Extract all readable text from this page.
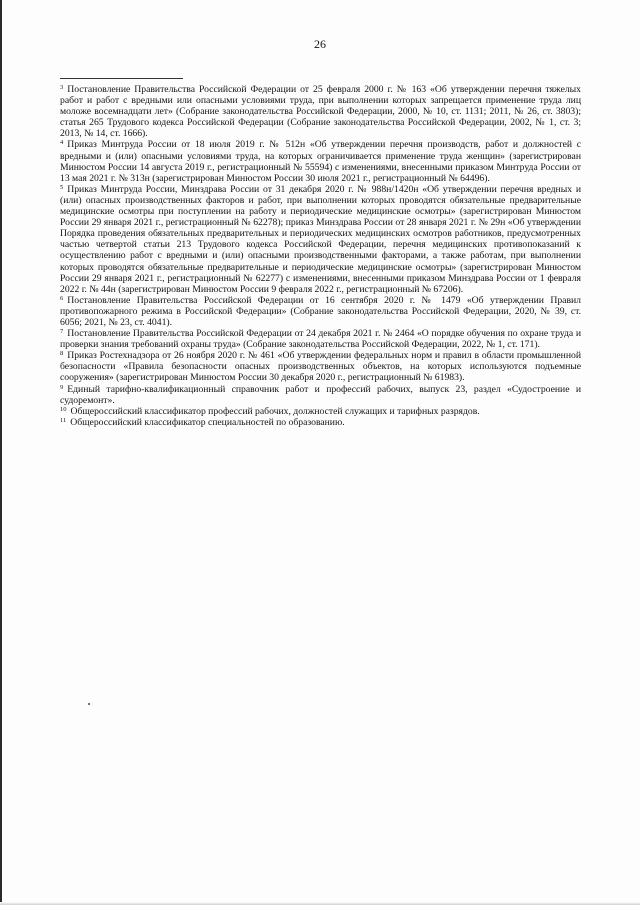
26

$^3$ Постановление Правительства Российской Федерации от 25 февраля 2000 г. № 163 «Об утверждении перечня тяжелых работ и работ с вредными или опасными условиями труда, при выполнении которых запрещается применение труда лиц моложе восемнадцати лет» (Собрание законодательства Российской Федерации, 2000, № 10, ст. 1131; 2011, № 26, ст. 3803); статья 265 Трудового кодекса Российской Федерации (Собрание законодательства Российской Федерации, 2002, № 1, ст. 3; 2013, № 14, ст. 1666).

$^4$ Приказ Минтруда России от 18 июля 2019 г. № 512н «Об утверждении перечня производств, работ и должностей с вредными и (или) опасными условиями труда, на которых ограничивается применение труда женщин» (зарегистрирован Минюстом России 14 августа 2019 г., регистрационный № 55594) с изменениями, внесенными приказом Минтруда России от 13 мая 2021 г. № 313н (зарегистрирован Минюстом России 30 июля 2021 г., регистрационный № 64496).

$^5$ Приказ Минтруда России, Минздрава России от 31 декабря 2020 г. № 988н/1420н «Об утверждении перечня вредных и (или) опасных производственных факторов и работ, при выполнении которых проводятся обязательные предварительные медицинские осмотры при поступлении на работу и периодические медицинские осмотры» (зарегистрирован Минюстом России 29 января 2021 г., регистрационный № 62278); приказ Минздрава России от 28 января 2021 г. № 29н «Об утверждении Порядка проведения обязательных предварительных и периодических медицинских осмотров работников, предусмотренных частью четвертой статьи 213 Трудового кодекса Российской Федерации, перечня медицинских противопоказаний к осуществлению работ с вредными и (или) опасными производственными факторами, а также работам, при выполнении которых проводятся обязательные предварительные и периодические медицинские осмотры» (зарегистрирован Минюстом России 29 января 2021 г., регистрационный № 62277) с изменениями, внесенными приказом Минздрава России от 1 февраля 2022 г. № 44н (зарегистрирован Минюстом России 9 февраля 2022 г., регистрационный № 67206).

$^6$ Постановление Правительства Российской Федерации от 16 сентября 2020 г. № 1479 «Об утверждении Правил противопожарного режима в Российской Федерации» (Собрание законодательства Российской Федерации, 2020, № 39, ст. 6056; 2021, № 23, ст. 4041).

$^7$ Постановление Правительства Российской Федерации от 24 декабря 2021 г. № 2464 «О порядке обучения по охране труда и проверки знания требований охраны труда» (Собрание законодательства Российской Федерации, 2022, № 1, ст. 171).

$^8$ Приказ Ростехнадзора от 26 ноября 2020 г. № 461 «Об утверждении федеральных норм и правил в области промышленной безопасности «Правила безопасности опасных производственных объектов, на которых используются подъемные сооружения» (зарегистрирован Минюстом России 30 декабря 2020 г., регистрационный № 61983).

$^9$ Единый тарифно-квалификационный справочник работ и профессий рабочих, выпуск 23, раздел «Судостроение и судоремонт».

$^{10}$ Общероссийский классификатор профессий рабочих, должностей служащих и тарифных разрядов.

$^{11}$ Общероссийский классификатор специальностей по образованию.
